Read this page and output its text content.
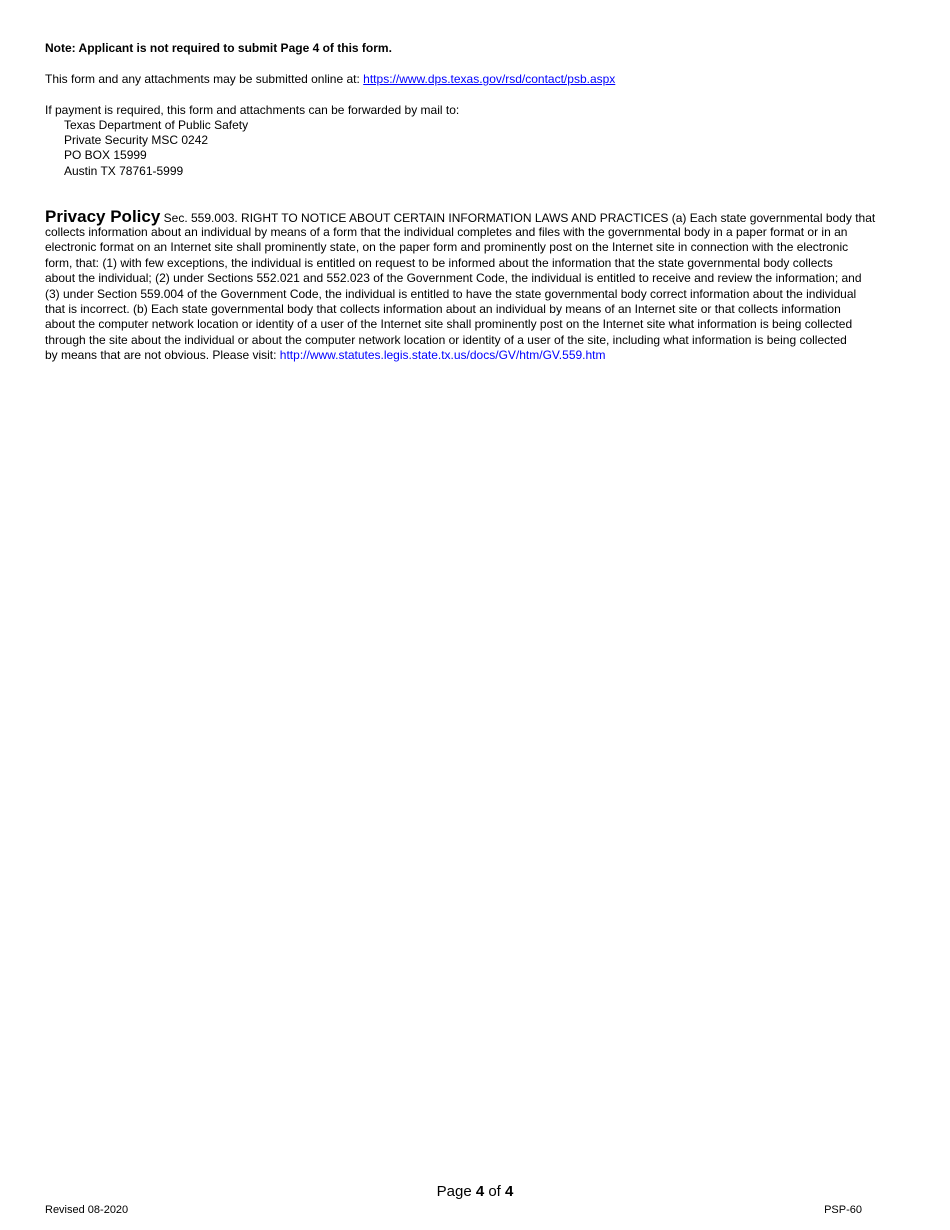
Note: Applicant is not required to submit Page 4 of this form.
This form and any attachments may be submitted online at: https://www.dps.texas.gov/rsd/contact/psb.aspx
If payment is required, this form and attachments can be forwarded by mail to:
Texas Department of Public Safety
Private Security MSC 0242
PO BOX 15999
Austin TX 78761-5999
Privacy Policy Sec. 559.003. RIGHT TO NOTICE ABOUT CERTAIN INFORMATION LAWS AND PRACTICES (a) Each state governmental body that
collects information about an individual by means of a form that the individual completes and files with the governmental body in a paper format or in an
electronic format on an Internet site shall prominently state, on the paper form and prominently post on the Internet site in connection with the electronic
form, that: (1) with few exceptions, the individual is entitled on request to be informed about the information that the state governmental body collects
about the individual; (2) under Sections 552.021 and 552.023 of the Government Code, the individual is entitled to receive and review the information; and
(3) under Section 559.004 of the Government Code, the individual is entitled to have the state governmental body correct information about the individual
that is incorrect. (b) Each state governmental body that collects information about an individual by means of an Internet site or that collects information
about the computer network location or identity of a user of the Internet site shall prominently post on the Internet site what information is being collected
through the site about the individual or about the computer network location or identity of a user of the site, including what information is being collected
by means that are not obvious. Please visit: http://www.statutes.legis.state.tx.us/docs/GV/htm/GV.559.htm
Page 4 of 4
Revised 08-2020	PSP-60
